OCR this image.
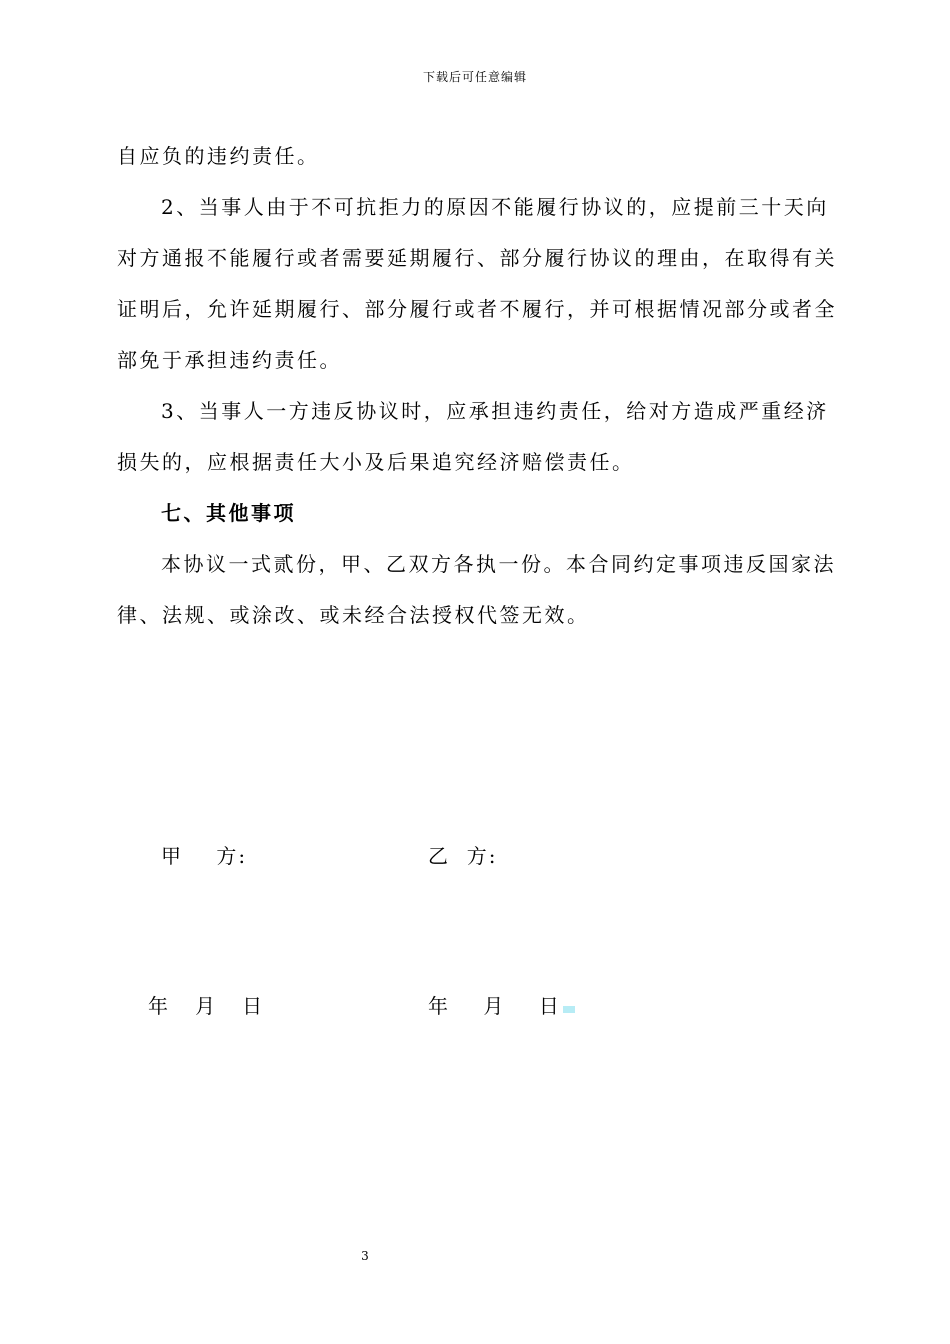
下载后可任意编辑

自应负的违约责任。

2、当事人由于不可抗拒力的原因不能履行协议的，应提前三十天向对方通报不能履行或者需要延期履行、部分履行协议的理由，在取得有关证明后，允许延期履行、部分履行或者不履行，并可根据情况部分或者全部免于承担违约责任。

3、当事人一方违反协议时，应承担违约责任，给对方造成严重经济损失的，应根据责任大小及后果追究经济赔偿责任。

七、其他事项

本协议一式贰份，甲、乙双方各执一份。本合同约定事项违反国家法律、法规、或涂改、或未经合法授权代签无效。

甲    方:	乙  方:
年   月   日	年    月    日
3
